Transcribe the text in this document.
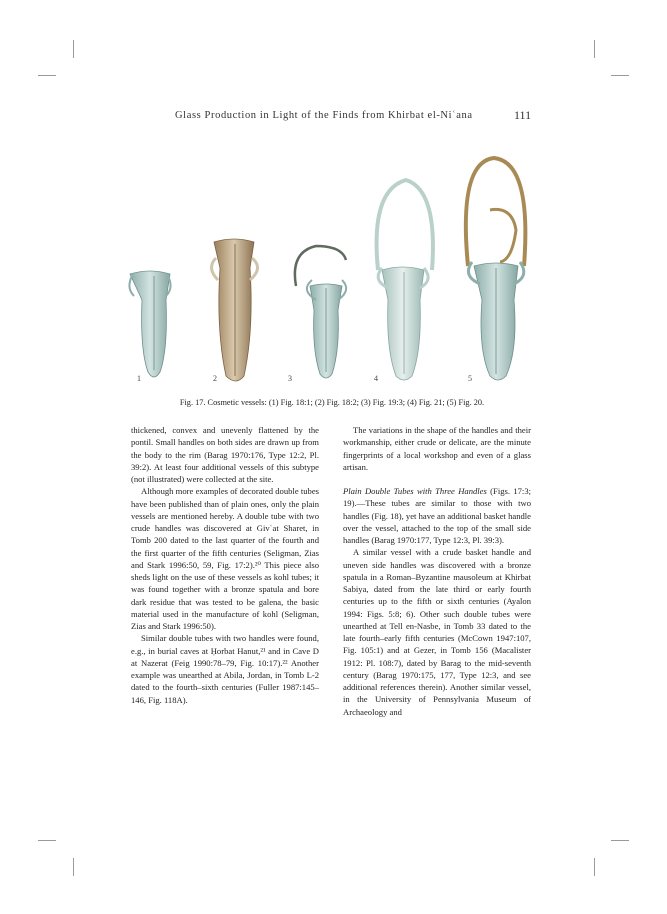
Glass Production in Light of the Finds from Khirbat el-Niʿana	111
1	2	3	4	5
Fig. 17. Cosmetic vessels: (1) Fig. 18:1; (2) Fig. 18:2; (3) Fig. 19:3; (4) Fig. 21; (5) Fig. 20.

thickened, convex and unevenly flattened by the pontil. Small handles on both sides are drawn up from the body to the rim (Barag 1970:176, Type 12:2, Pl. 39:2). At least four additional vessels of this subtype (not illustrated) were collected at the site.

Although more examples of decorated double tubes have been published than of plain ones, only the plain vessels are mentioned hereby. A double tube with two crude handles was discovered at Givʿat Sharet, in Tomb 200 dated to the last quarter of the fourth and the first quarter of the fifth centuries (Seligman, Zias and Stark 1996:50, 59, Fig. 17:2).²⁰ This piece also sheds light on the use of these vessels as kohl tubes; it was found together with a bronze spatula and bore dark residue that was tested to be galena, the basic material used in the manufacture of kohl (Seligman, Zias and Stark 1996:50).

Similar double tubes with two handles were found, e.g., in burial caves at Ḥorbat Hanut,²¹ and in Cave D at Nazerat (Feig 1990:78–79, Fig. 10:17).²² Another example was unearthed at Abila, Jordan, in Tomb L-2 dated to the fourth–sixth centuries (Fuller 1987:145–146, Fig. 118A).

The variations in the shape of the handles and their workmanship, either crude or delicate, are the minute fingerprints of a local workshop and even of a glass artisan.

Plain Double Tubes with Three Handles (Figs. 17:3; 19).—These tubes are similar to those with two handles (Fig. 18), yet have an additional basket handle over the vessel, attached to the top of the small side handles (Barag 1970:177, Type 12:3, Pl. 39:3).

A similar vessel with a crude basket handle and uneven side handles was discovered with a bronze spatula in a Roman–Byzantine mausoleum at Khirbat Sabiya, dated from the late third or early fourth centuries up to the fifth or sixth centuries (Ayalon 1994: Figs. 5:8; 6). Other such double tubes were unearthed at Tell en-Nasbe, in Tomb 33 dated to the late fourth–early fifth centuries (McCown 1947:107, Fig. 105:1) and at Gezer, in Tomb 156 (Macalister 1912: Pl. 108:7), dated by Barag to the mid-seventh century (Barag 1970:175, 177, Type 12:3, and see additional references therein). Another similar vessel, in the University of Pennsylvania Museum of Archaeology and
